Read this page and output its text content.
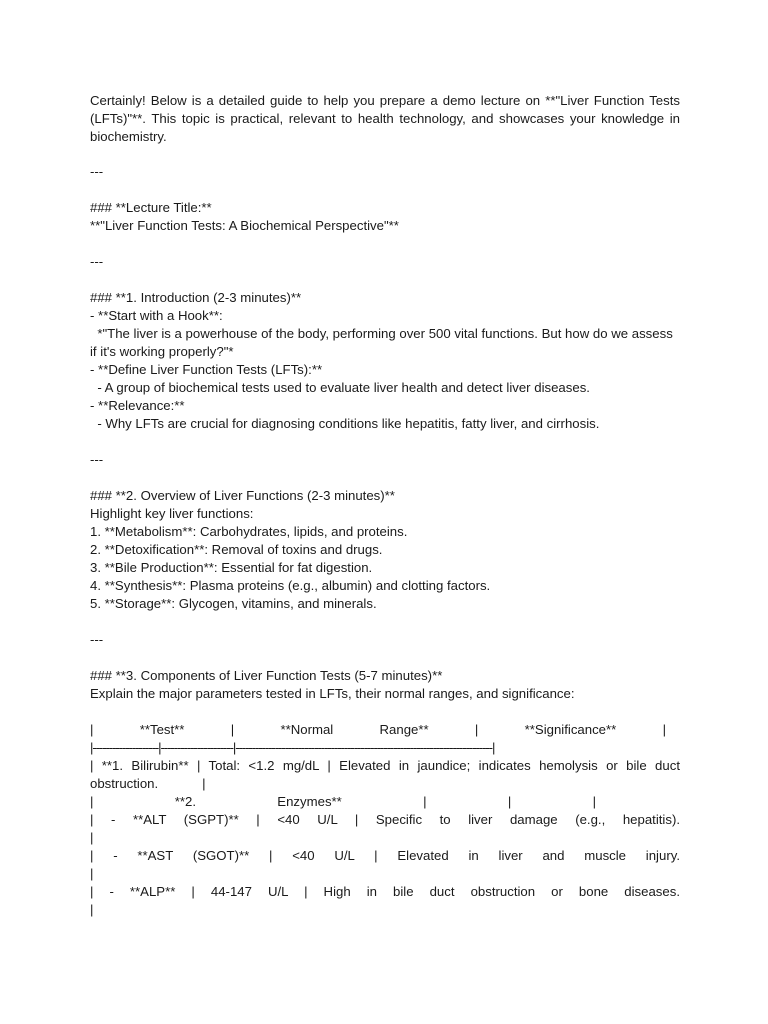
Certainly! Below is a detailed guide to help you prepare a demo lecture on **"Liver Function Tests
(LFTs)"**. This topic is practical, relevant to health technology, and showcases your knowledge in
biochemistry.
---
### **Lecture Title:**
**"Liver Function Tests: A Biochemical Perspective"**
---
### **1. Introduction (2-3 minutes)**
- **Start with a Hook**:
*"The liver is a powerhouse of the body, performing over 500 vital functions. But how do we assess
if it's working properly?"*
- **Define Liver Function Tests (LFTs):**
- A group of biochemical tests used to evaluate liver health and detect liver diseases.
- **Relevance:**
- Why LFTs are crucial for diagnosing conditions like hepatitis, fatty liver, and cirrhosis.
---
### **2. Overview of Liver Functions (2-3 minutes)**
Highlight key liver functions:
1. **Metabolism**: Carbohydrates, lipids, and proteins.
2. **Detoxification**: Removal of toxins and drugs.
3. **Bile Production**: Essential for fat digestion.
4. **Synthesis**: Plasma proteins (e.g., albumin) and clotting factors.
5. **Storage**: Glycogen, vitamins, and minerals.
---
### **3. Components of Liver Function Tests (5-7 minutes)**
Explain the major parameters tested in LFTs, their normal ranges, and significance:
| **Test** | **Normal Range** | **Significance** |
|--------------------|----------------------|------------------------------------------------------------------------------|
| **1. Bilirubin** | Total: <1.2 mg/dL | Elevated in jaundice; indicates hemolysis or bile duct
obstruction.            |
| **2. Enzymes** | | |
| - **ALT (SGPT)** | <40 U/L | Specific to liver damage (e.g., hepatitis).
|
| - **AST (SGOT)** | <40 U/L | Elevated in liver and muscle injury.
|
| - **ALP** | 44-147 U/L | High in bile duct obstruction or bone diseases.
|
